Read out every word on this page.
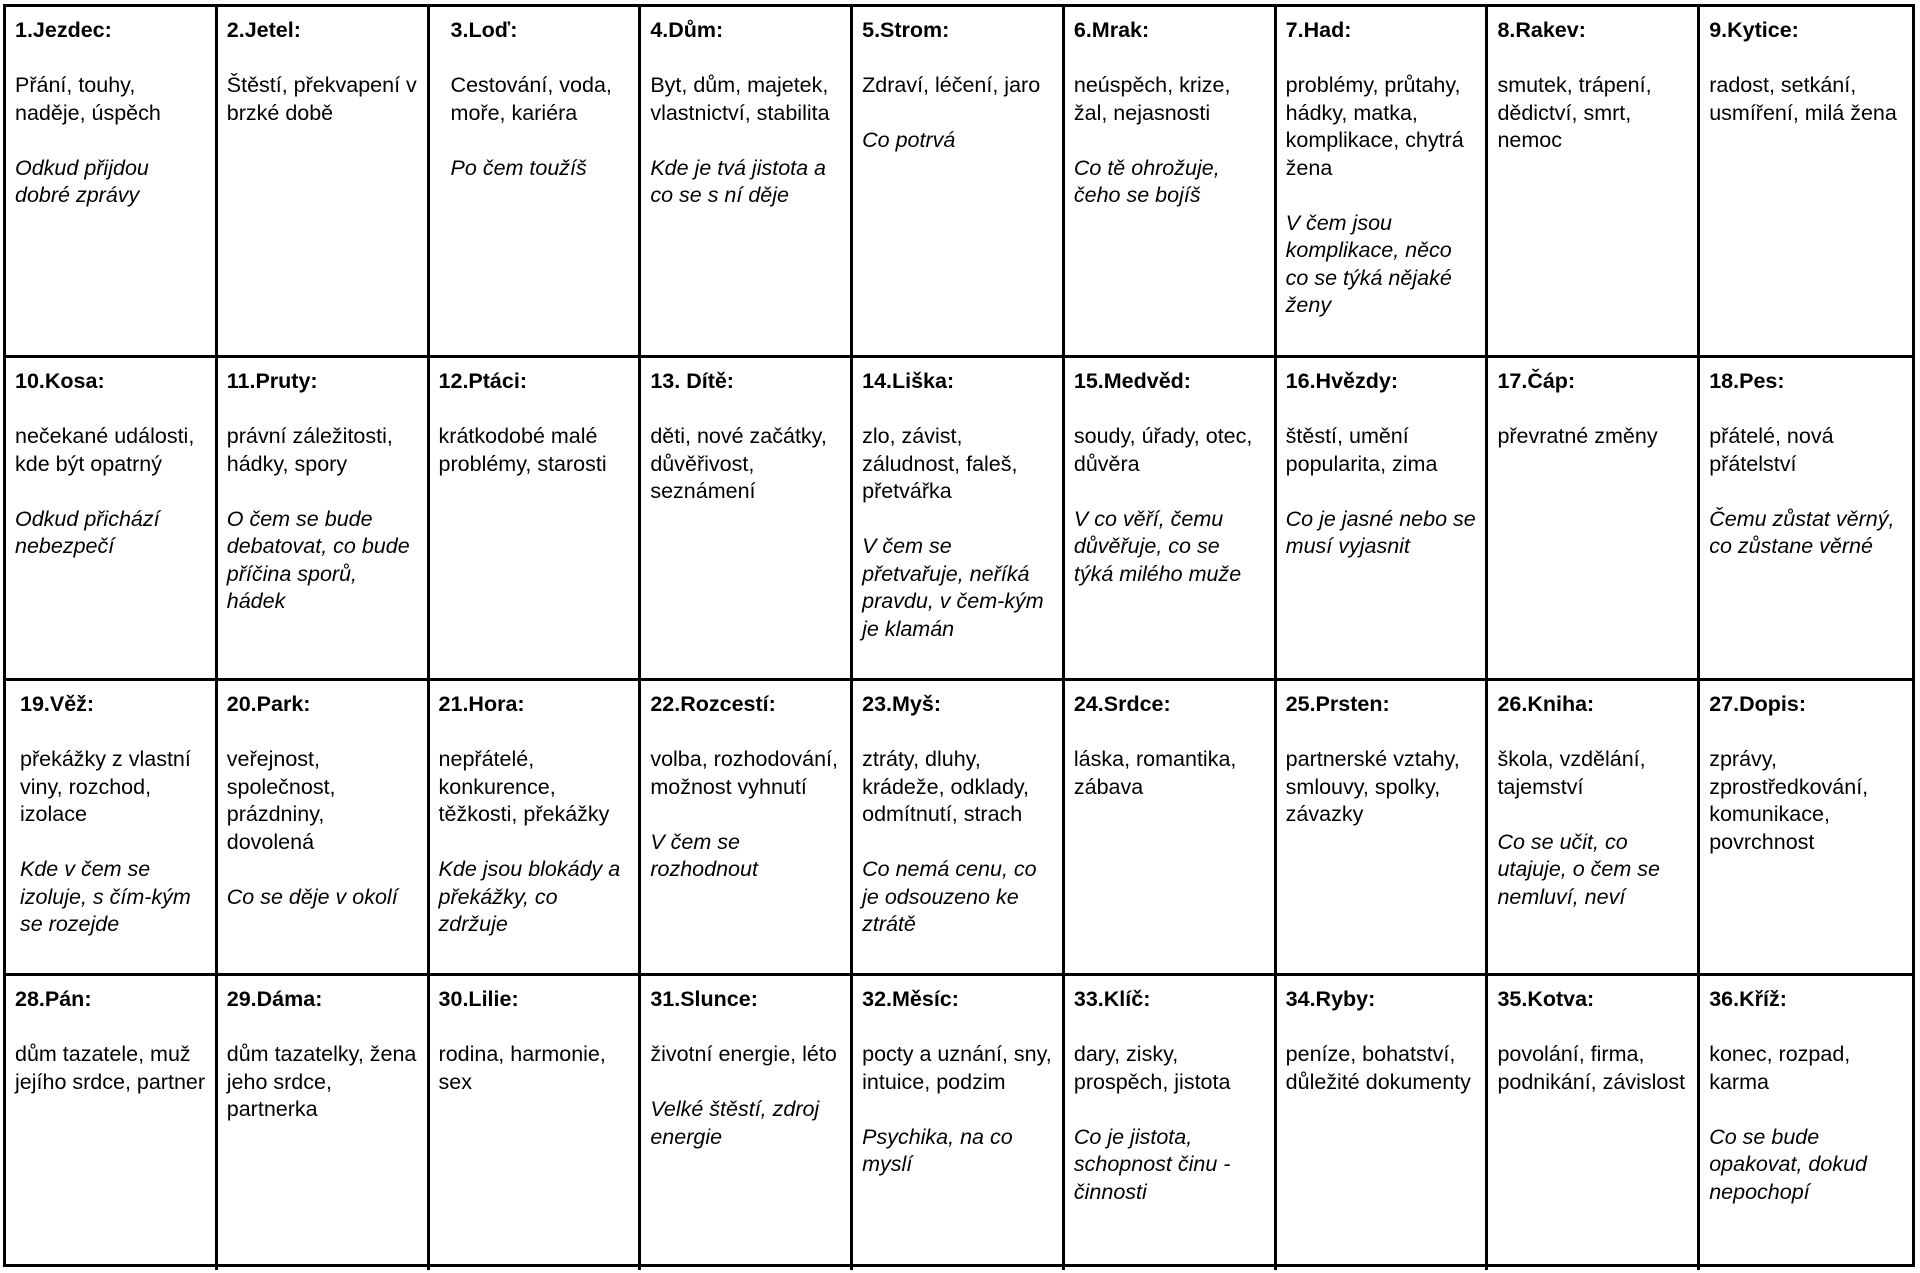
1.Jezdec:
Přání, touhy, naděje, úspěch
Odkud přijdou dobré zprávy
2.Jetel:
Štěstí, překvapení v brzké době
3.Loď:
Cestování, voda, moře, kariéra
Po čem toužíš
4.Dům:
Byt, dům, majetek, vlastnictví, stabilita
Kde je tvá jistota a co se s ní děje
5.Strom:
Zdraví, léčení, jaro
Co potrvá
6.Mrak:
neúspěch, krize, žal, nejasnosti
Co tě ohrožuje, čeho se bojíš
7.Had:
problémy, průtahy, hádky, matka, komplikace, chytrá žena
V čem jsou komplikace, něco co se týká nějaké ženy
8.Rakev:
smutek, trápení, dědictví, smrt, nemoc
9.Kytice:
radost, setkání, usmíření, milá žena
10.Kosa:
nečekané události, kde být opatrný
Odkud přichází nebezpečí
11.Pruty:
právní záležitosti, hádky, spory
O čem se bude debatovat, co bude příčina sporů, hádek
12.Ptáci:
krátkodobé malé problémy, starosti
13. Dítě:
děti, nové začátky, důvěřivost, seznámení
14.Liška:
zlo, závist, záludnost, faleš, přetvářka
V čem se přetvařuje, neříká pravdu, v čem-kým je klamán
15.Medvěd:
soudy, úřady, otec, důvěra
V co věří, čemu důvěřuje, co se týká milého muže
16.Hvězdy:
štěstí, umění popularita, zima
Co je jasné nebo se musí vyjasnit
17.Čáp:
převratné změny
18.Pes:
přátelé, nová přátelství
Čemu zůstat věrný, co zůstane věrné
19.Věž:
překážky z vlastní viny, rozchod, izolace
Kde v čem se izoluje, s čím-kým se rozejde
20.Park:
veřejnost, společnost, prázdniny, dovolená
Co se děje v okolí
21.Hora:
nepřátelé, konkurence, těžkosti, překážky
Kde jsou blokády a překážky, co zdržuje
22.Rozcestí:
volba, rozhodování, možnost vyhnutí
V čem se rozhodnout
23.Myš:
ztráty, dluhy, krádeže, odklady, odmítnutí, strach
Co nemá cenu, co je odsouzeno ke ztrátě
24.Srdce:
láska, romantika, zábava
25.Prsten:
partnerské vztahy, smlouvy, spolky, závazky
26.Kniha:
škola, vzdělání, tajemství
Co se učit, co utajuje, o čem se nemluví, neví
27.Dopis:
zprávy, zprostředkování, komunikace, povrchnost
28.Pán:
dům tazatele, muž jejího srdce, partner
29.Dáma:
dům tazatelky, žena jeho srdce, partnerka
30.Lilie:
rodina, harmonie, sex
31.Slunce:
životní energie, léto
Velké štěstí, zdroj energie
32.Měsíc:
pocty a uznání, sny, intuice, podzim
Psychika, na co myslí
33.Klíč:
dary, zisky, prospěch, jistota
Co je jistota, schopnost činu - činnosti
34.Ryby:
peníze, bohatství, důležité dokumenty
35.Kotva:
povolání, firma, podnikání, závislost
36.Kříž:
konec, rozpad, karma
Co se bude opakovat, dokud nepochopí
